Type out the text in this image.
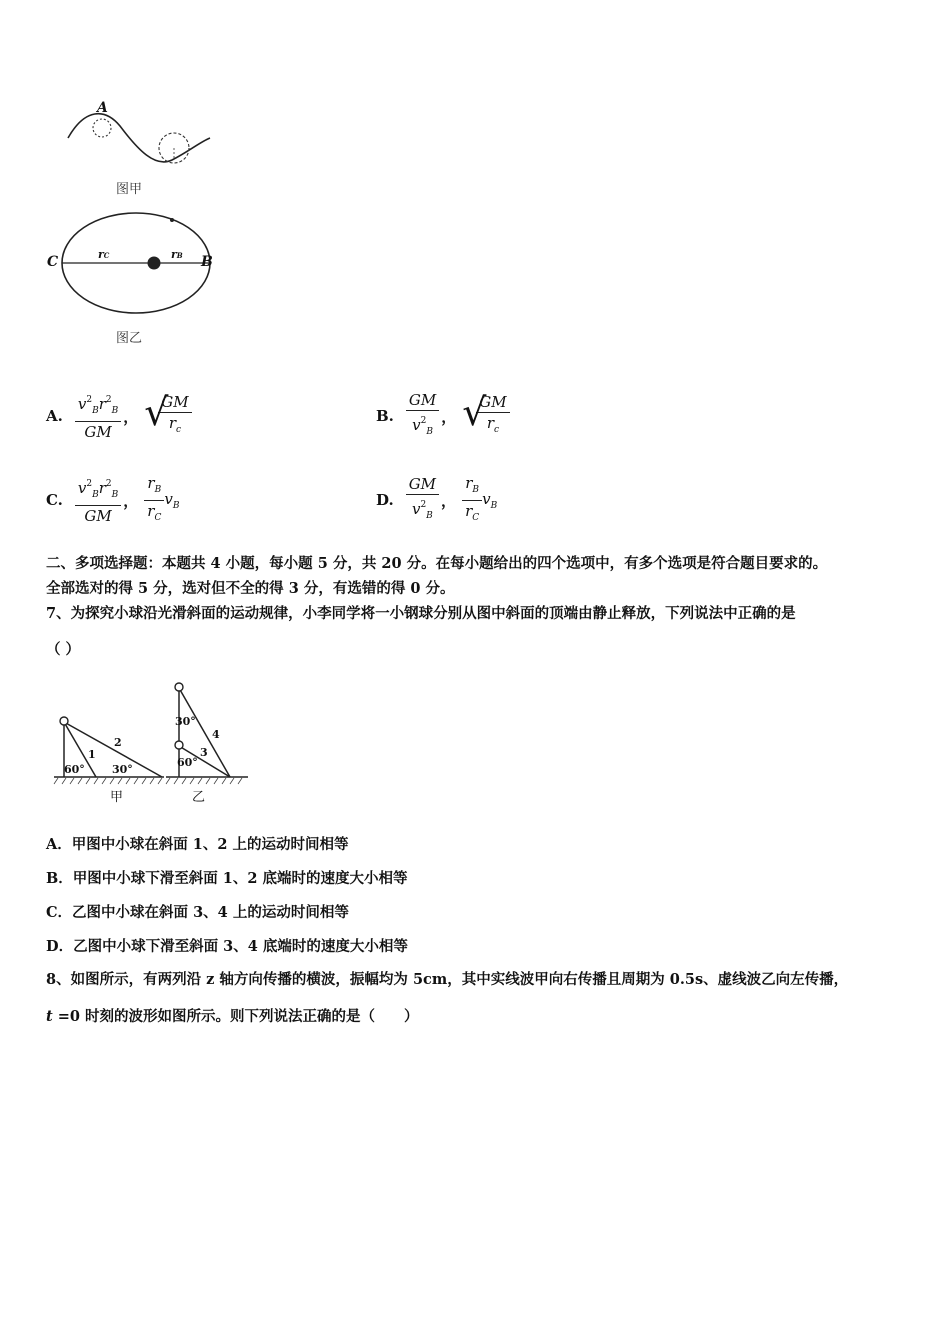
A
图甲
C	B
rC	rB
图乙
A. $\frac{v^2_Br^2_B}{GM}$ ， √
$\frac{GM}{r_c}$	B. $\frac{GM}{v^2_B}$ ， √
$\frac{GM}{r_c}$
C. $\frac{v^2_Br^2_B}{GM}$ ， $\frac{r_B}{r_C} v_B$	D. $\frac{GM}{v^2_B}$ ， $\frac{r_B}{r_C} v_B$
二、多项选择题：本题共 4 小题，每小题 5 分，共 20 分。在每小题给出的四个选项中，有多个选项是符合题目要求的。
全部选对的得 5 分，选对但不全的得 3 分，有选错的得 0 分。
7、为探究小球沿光滑斜面的运动规律，小李同学将一小钢球分别从图中斜面的顶端由静止释放，下列说法中正确的是
（ ）
1
2
60° 30°
甲
30°
4
3
60°
乙
A．甲图中小球在斜面 1、2 上的运动时间相等
B．甲图中小球下滑至斜面 1、2 底端时的速度大小相等
C．乙图中小球在斜面 3、4 上的运动时间相等
D．乙图中小球下滑至斜面 3、4 底端时的速度大小相等
8、如图所示，有两列沿 z 轴方向传播的横波，振幅均为 5cm，其中实线波甲向右传播且周期为 0.5s、虚线波乙向左传播，
t =0 时刻的波形如图所示。则下列说法正确的是（　　）
